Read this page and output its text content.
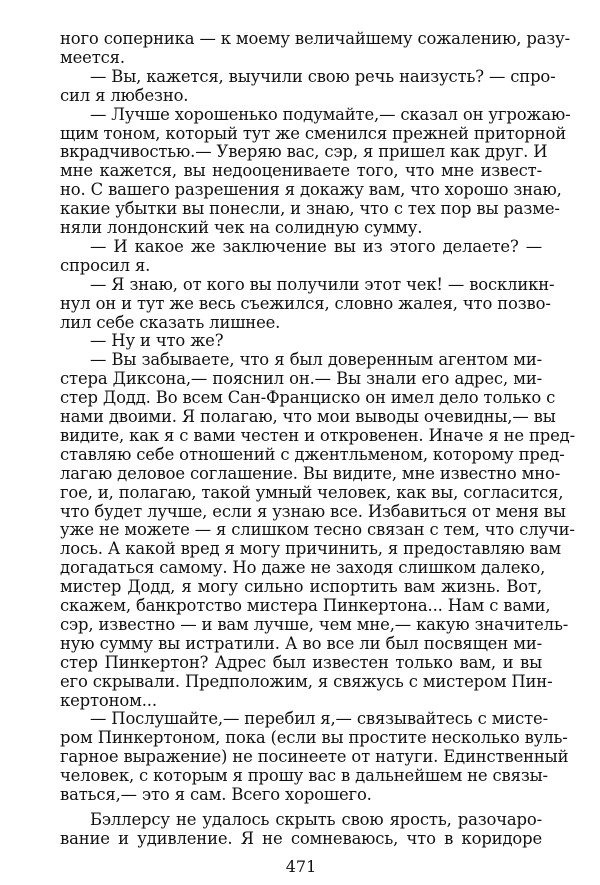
ного соперника — к моему величайшему сожалению, разу-
меется.
— Вы, кажется, выучили свою речь наизусть? — спро-
сил я любезно.
— Лучше хорошенько подумайте,— сказал он угрожаю-
щим тоном, который тут же сменился прежней приторной
вкрадчивостью.— Уверяю вас, сэр, я пришел как друг. И
мне кажется, вы недооцениваете того, что мне извест-
но. С вашего разрешения я докажу вам, что хорошо знаю,
какие убытки вы понесли, и знаю, что с тех пор вы разме-
няли лондонский чек на солидную сумму.
— И какое же заключение вы из этого делаете? —
спросил я.
— Я знаю, от кого вы получили этот чек! — воскликн-
нул он и тут же весь съежился, словно жалея, что позво-
лил себе сказать лишнее.
— Ну и что же?
— Вы забываете, что я был доверенным агентом ми-
стера Диксона,— пояснил он.— Вы знали его адрес, ми-
стер Додд. Во всем Сан-Франциско он имел дело только с
нами двоими. Я полагаю, что мои выводы очевидны,— вы
видите, как я с вами честен и откровенен. Иначе я не пред-
ставляю себе отношений с джентльменом, которому пред-
лагаю деловое соглашение. Вы видите, мне известно мно-
гое, и, полагаю, такой умный человек, как вы, согласится,
что будет лучше, если я узнаю все. Избавиться от меня вы
уже не можете — я слишком тесно связан с тем, что случи-
лось. А какой вред я могу причинить, я предоставляю вам
догадаться самому. Но даже не заходя слишком далеко,
мистер Додд, я могу сильно испортить вам жизнь. Вот,
скажем, банкротство мистера Пинкертона... Нам с вами,
сэр, известно — и вам лучше, чем мне,— какую значитель-
ную сумму вы истратили. А во все ли был посвящен ми-
стер Пинкертон? Адрес был известен только вам, и вы
его скрывали. Предположим, я свяжусь с мистером Пин-
кертоном...
— Послушайте,— перебил я,— связывайтесь с мисте-
ром Пинкертоном, пока (если вы простите несколько вуль-
гарное выражение) не посинеете от натуги. Единственный
человек, с которым я прошу вас в дальнейшем не связы-
ваться,— это я сам. Всего хорошего.
Бэллерсу не удалось скрыть свою ярость, разочаро-
вание и удивление. Я не сомневаюсь, что в коридоре
471
